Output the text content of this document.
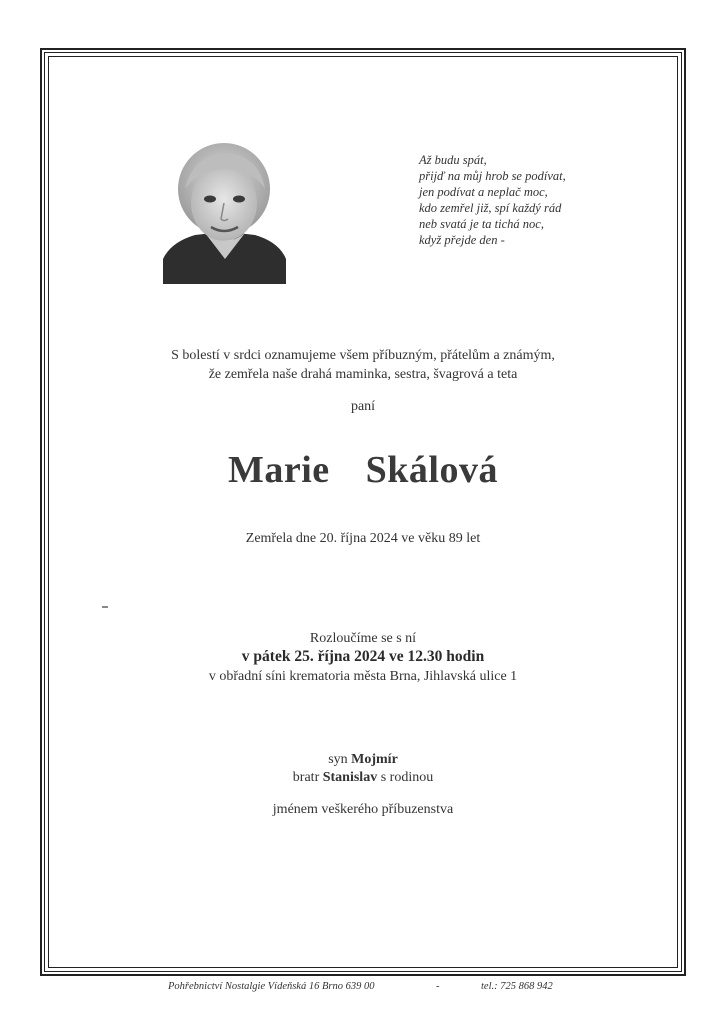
Až budu spát,
přijď na můj hrob se podívat,
jen podívat a neplač moc,
kdo zemřel již, spí každý rád
neb svatá je ta tichá noc,
když přejde den -
S bolestí v srdci oznamujeme všem příbuzným, přátelům a známým,
že zemřela naše drahá maminka, sestra, švagrová a teta
paní
Marie  Skálová
Zemřela dne 20. října 2024 ve věku 89 let
Rozloučíme se s ní
v pátek 25. října 2024 ve 12.30 hodin
v obřadní síni krematoria města Brna, Jihlavská ulice 1
syn Mojmír
bratr Stanislav s rodinou
jménem veškerého příbuzenstva
Pohřebnictví Nostalgie Vídeňská 16 Brno 639 00	-	tel.: 725 868 942
